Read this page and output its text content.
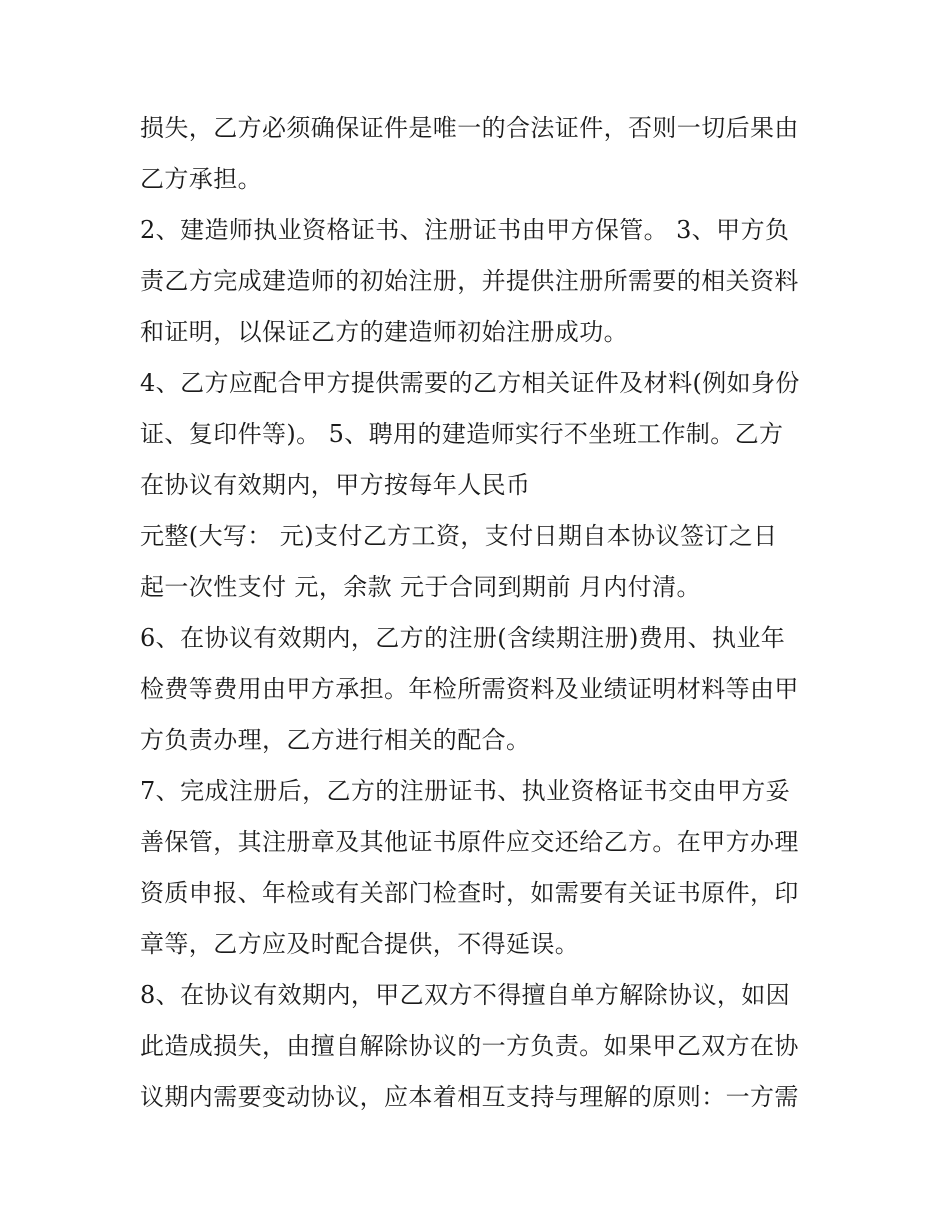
损失，乙方必须确保证件是唯一的合法证件，否则一切后果由
乙方承担。
2、建造师执业资格证书、注册证书由甲方保管。 3、甲方负
责乙方完成建造师的初始注册，并提供注册所需要的相关资料
和证明，以保证乙方的建造师初始注册成功。
4、乙方应配合甲方提供需要的乙方相关证件及材料(例如身份
证、复印件等)。 5、聘用的建造师实行不坐班工作制。乙方
在协议有效期内，甲方按每年人民币
元整(大写： 元)支付乙方工资，支付日期自本协议签订之日
起一次性支付 元，余款 元于合同到期前 月内付清。
6、在协议有效期内，乙方的注册(含续期注册)费用、执业年
检费等费用由甲方承担。年检所需资料及业绩证明材料等由甲
方负责办理，乙方进行相关的配合。
7、完成注册后，乙方的注册证书、执业资格证书交由甲方妥
善保管，其注册章及其他证书原件应交还给乙方。在甲方办理
资质申报、年检或有关部门检查时，如需要有关证书原件，印
章等，乙方应及时配合提供，不得延误。
8、在协议有效期内，甲乙双方不得擅自单方解除协议，如因
此造成损失，由擅自解除协议的一方负责。如果甲乙双方在协
议期内需要变动协议，应本着相互支持与理解的原则：一方需
